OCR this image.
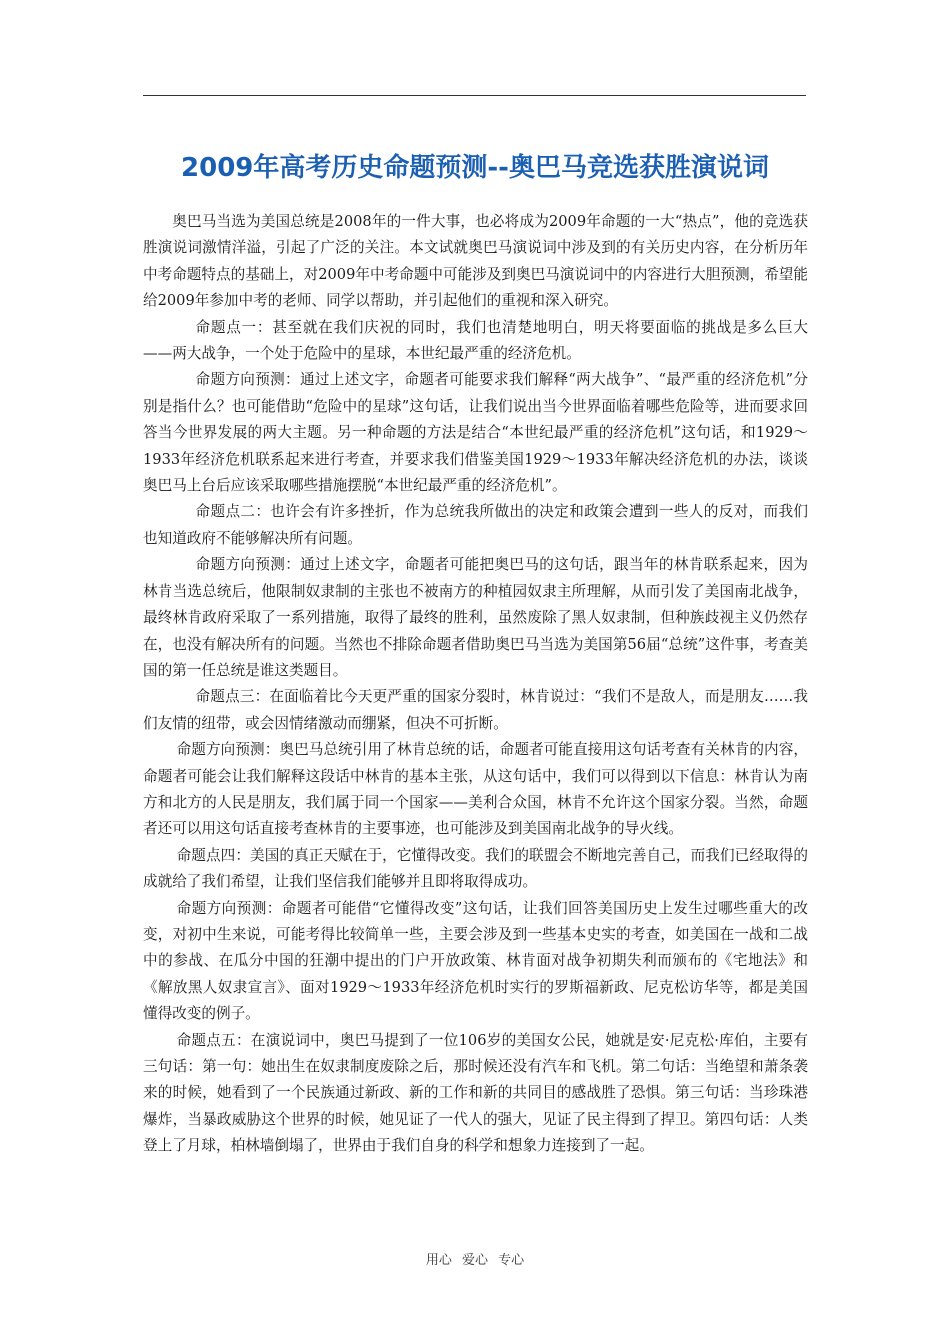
2009年高考历史命题预测--奥巴马竞选获胜演说词

奥巴马当选为美国总统是2008年的一件大事，也必将成为2009年命题的一大“热点”，他的竞选获胜演说词激情洋溢，引起了广泛的关注。本文试就奥巴马演说词中涉及到的有关历史内容，在分析历年中考命题特点的基础上，对2009年中考命题中可能涉及到奥巴马演说词中的内容进行大胆预测，希望能给2009年参加中考的老师、同学以帮助，并引起他们的重视和深入研究。

命题点一：甚至就在我们庆祝的同时，我们也清楚地明白，明天将要面临的挑战是多么巨大——两大战争，一个处于危险中的星球，本世纪最严重的经济危机。

命题方向预测：通过上述文字，命题者可能要求我们解释“两大战争”、“最严重的经济危机”分别是指什么？也可能借助“危险中的星球”这句话，让我们说出当今世界面临着哪些危险等，进而要求回答当今世界发展的两大主题。另一种命题的方法是结合“本世纪最严重的经济危机”这句话，和1929～1933年经济危机联系起来进行考查，并要求我们借鉴美国1929～1933年解决经济危机的办法，谈谈奥巴马上台后应该采取哪些措施摆脱“本世纪最严重的经济危机”。

命题点二：也许会有许多挫折，作为总统我所做出的决定和政策会遭到一些人的反对，而我们也知道政府不能够解决所有问题。

命题方向预测：通过上述文字，命题者可能把奥巴马的这句话，跟当年的林肯联系起来，因为林肯当选总统后，他限制奴隶制的主张也不被南方的种植园奴隶主所理解，从而引发了美国南北战争，最终林肯政府采取了一系列措施，取得了最终的胜利，虽然废除了黑人奴隶制，但种族歧视主义仍然存在，也没有解决所有的问题。当然也不排除命题者借助奥巴马当选为美国第56届“总统”这件事，考查美国的第一任总统是谁这类题目。

命题点三：在面临着比今天更严重的国家分裂时，林肯说过：“我们不是敌人，而是朋友……我们友情的纽带，或会因情绪激动而绷紧，但决不可折断。

命题方向预测：奥巴马总统引用了林肯总统的话，命题者可能直接用这句话考查有关林肯的内容，命题者可能会让我们解释这段话中林肯的基本主张，从这句话中，我们可以得到以下信息：林肯认为南方和北方的人民是朋友，我们属于同一个国家——美利合众国，林肯不允许这个国家分裂。当然，命题者还可以用这句话直接考查林肯的主要事迹，也可能涉及到美国南北战争的导火线。

命题点四：美国的真正天赋在于，它懂得改变。我们的联盟会不断地完善自己，而我们已经取得的成就给了我们希望，让我们坚信我们能够并且即将取得成功。

命题方向预测：命题者可能借“它懂得改变”这句话，让我们回答美国历史上发生过哪些重大的改变，对初中生来说，可能考得比较简单一些，主要会涉及到一些基本史实的考查，如美国在一战和二战中的参战、在瓜分中国的狂潮中提出的门户开放政策、林肯面对战争初期失利而颁布的《宅地法》和《解放黑人奴隶宣言》、面对1929～1933年经济危机时实行的罗斯福新政、尼克松访华等，都是美国懂得改变的例子。

命题点五：在演说词中，奥巴马提到了一位106岁的美国女公民，她就是安·尼克松·库伯，主要有三句话：第一句：她出生在奴隶制度废除之后，那时候还没有汽车和飞机。第二句话：当绝望和萧条袭来的时候，她看到了一个民族通过新政、新的工作和新的共同目的感战胜了恐惧。第三句话：当珍珠港爆炸，当暴政威胁这个世界的时候，她见证了一代人的强大，见证了民主得到了捍卫。第四句话：人类登上了月球，柏林墙倒塌了，世界由于我们自身的科学和想象力连接到了一起。

用心 爱心 专心
